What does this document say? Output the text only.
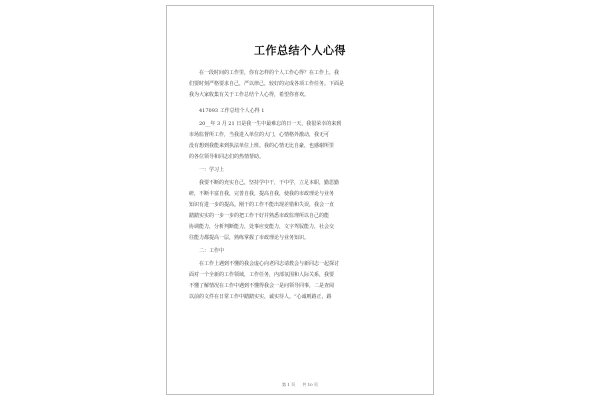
工作总结个人心得
在一段时间的工作里，你有怎样的个人工作心得？在工作上，我
们要时刻严格要求自己，严以律己，较好的完成各项工作任务。下面是
我为大家收集有关于工作总结个人心得，希望你喜欢。
417093 工作总结个人心得 1
20__年 3 月 21 日是我一生中最难忘的日一天，我很荣幸的来到
市场监督所工作，当我进入单位的大门，心情格外激动，我无可
没有想到我能来到执法单位上班。我的心情无比自豪，也感谢所里
的各位领导和同志们的热情帮助。
一：学习上
我要不断的充实自己，坚持学中干，干中学，立足本职，勤思勤
研，不断丰富自我，完善自我，提高自我，使我的市政理论与业务
知识有进一步的提高。刚干的工作不能出现差错和失误，我会一直
踏踏实实的一步一步的把工作干好并熟悉市政监理所以自己的能
协调能力，分析判断能力，处事应变能力，文字驾驭能力，社会交
往能力都提高一层，熟练掌握了市政理论与业务知识。
二：工作中
在工作上遇到不懂的我会虚心向老同志请教会与新同志一起探讨
面对一个全新的工作领域，工作任务，内部氛围和人际关系，我要
不懂了解情况在工作中遇到不懂得我会一是问领导同事，二是查阅
以前的文件在日常工作中踏踏实实，诚实待人。“心诚则路正，路
第 1 页 共 10 页
